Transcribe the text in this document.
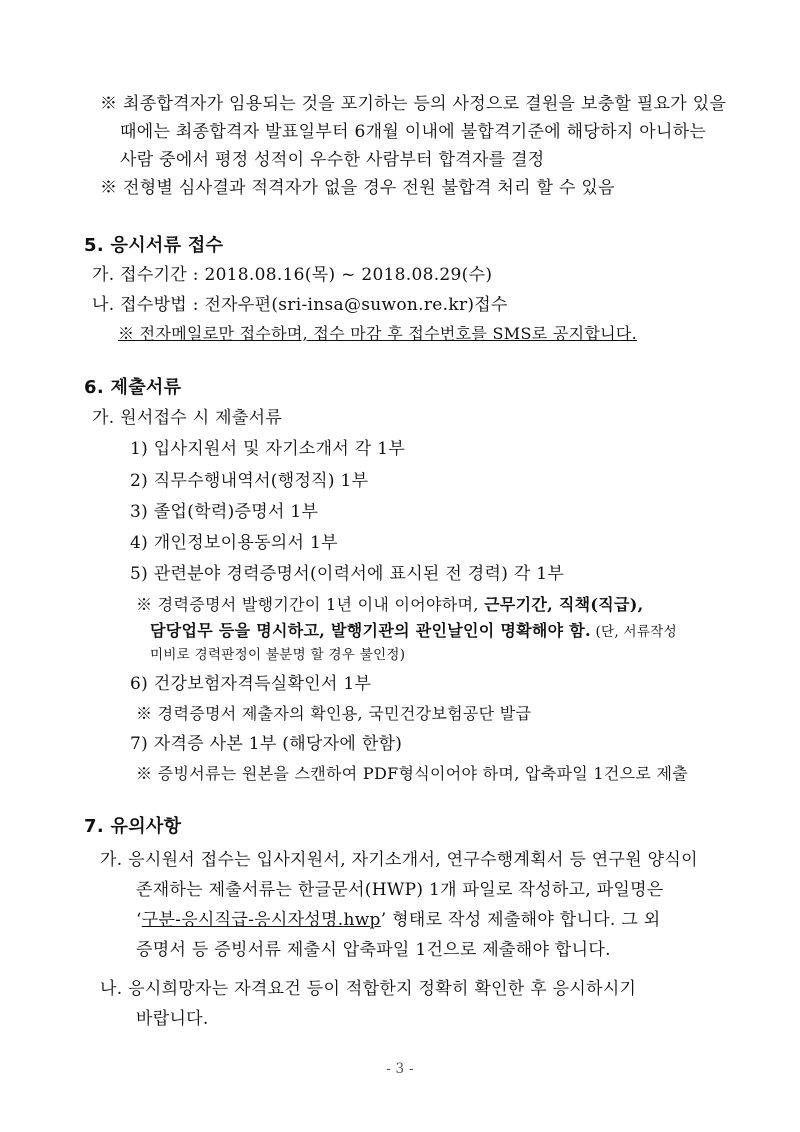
※ 최종합격자가 임용되는 것을 포기하는 등의 사정으로 결원을 보충할 필요가 있을
때에는 최종합격자 발표일부터 6개월 이내에 불합격기준에 해당하지 아니하는
사람 중에서 평정 성적이 우수한 사람부터 합격자를 결정
※ 전형별 심사결과 적격자가 없을 경우 전원 불합격 처리 할 수 있음
5. 응시서류 접수
가. 접수기간 : 2018.08.16(목) ~ 2018.08.29(수)
나. 접수방법 : 전자우편(sri-insa@suwon.re.kr)접수
※ 전자메일로만 접수하며, 접수 마감 후 접수번호를 SMS로 공지합니다.
6. 제출서류
가. 원서접수 시 제출서류
1) 입사지원서 및 자기소개서 각 1부
2) 직무수행내역서(행정직) 1부
3) 졸업(학력)증명서 1부
4) 개인정보이용동의서 1부
5) 관련분야 경력증명서(이력서에 표시된 전 경력) 각 1부
※ 경력증명서 발행기간이 1년 이내 이어야하며, 근무기간, 직책(직급),
담당업무 등을 명시하고, 발행기관의 관인날인이 명확해야 함. (단, 서류작성
미비로 경력판정이 불분명 할 경우 불인정)
6) 건강보험자격득실확인서 1부
※ 경력증명서 제출자의 확인용, 국민건강보험공단 발급
7) 자격증 사본 1부 (해당자에 한함)
※ 증빙서류는 원본을 스캔하여 PDF형식이어야 하며, 압축파일 1건으로 제출
7. 유의사항
가. 응시원서 접수는 입사지원서, 자기소개서, 연구수행계획서 등 연구원 양식이
존재하는 제출서류는 한글문서(HWP) 1개 파일로 작성하고, 파일명은
‘구분-응시직급-응시자성명.hwp’ 형태로 작성 제출해야 합니다. 그 외
증명서 등 증빙서류 제출시 압축파일 1건으로 제출해야 합니다.
나. 응시희망자는 자격요건 등이 적합한지 정확히 확인한 후 응시하시기
바랍니다.
- 3 -
